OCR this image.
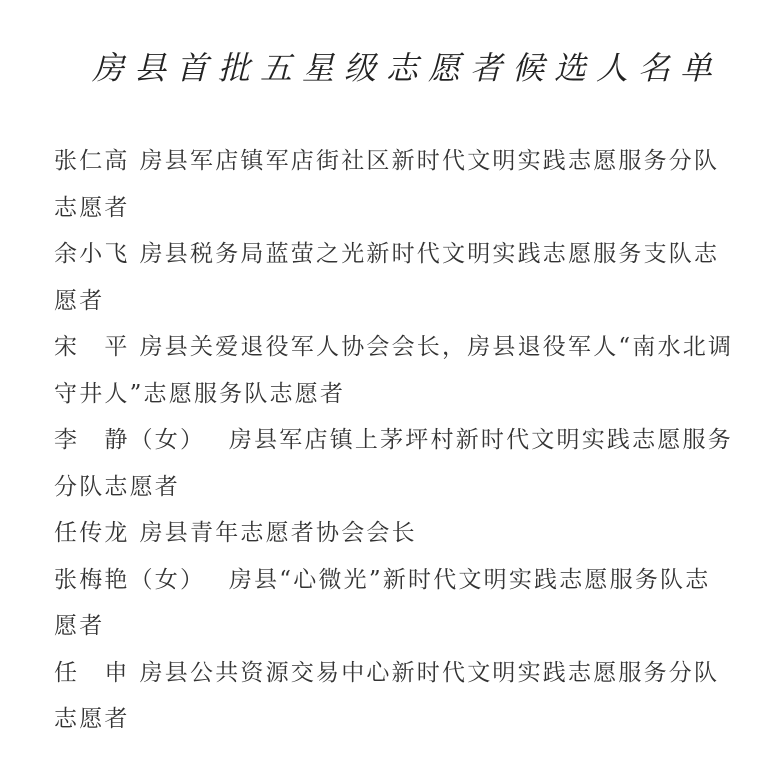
房县首批五星级志愿者候选人名单

张仁高 房县军店镇军店街社区新时代文明实践志愿服务分队志愿者

余小飞 房县税务局蓝萤之光新时代文明实践志愿服务支队志愿者

宋　平 房县关爱退役军人协会会长，房县退役军人“南水北调守井人”志愿服务队志愿者

李　静（女）　房县军店镇上茅坪村新时代文明实践志愿服务分队志愿者

任传龙 房县青年志愿者协会会长

张梅艳（女）　房县“心微光”新时代文明实践志愿服务队志愿者

任　申 房县公共资源交易中心新时代文明实践志愿服务分队志愿者
